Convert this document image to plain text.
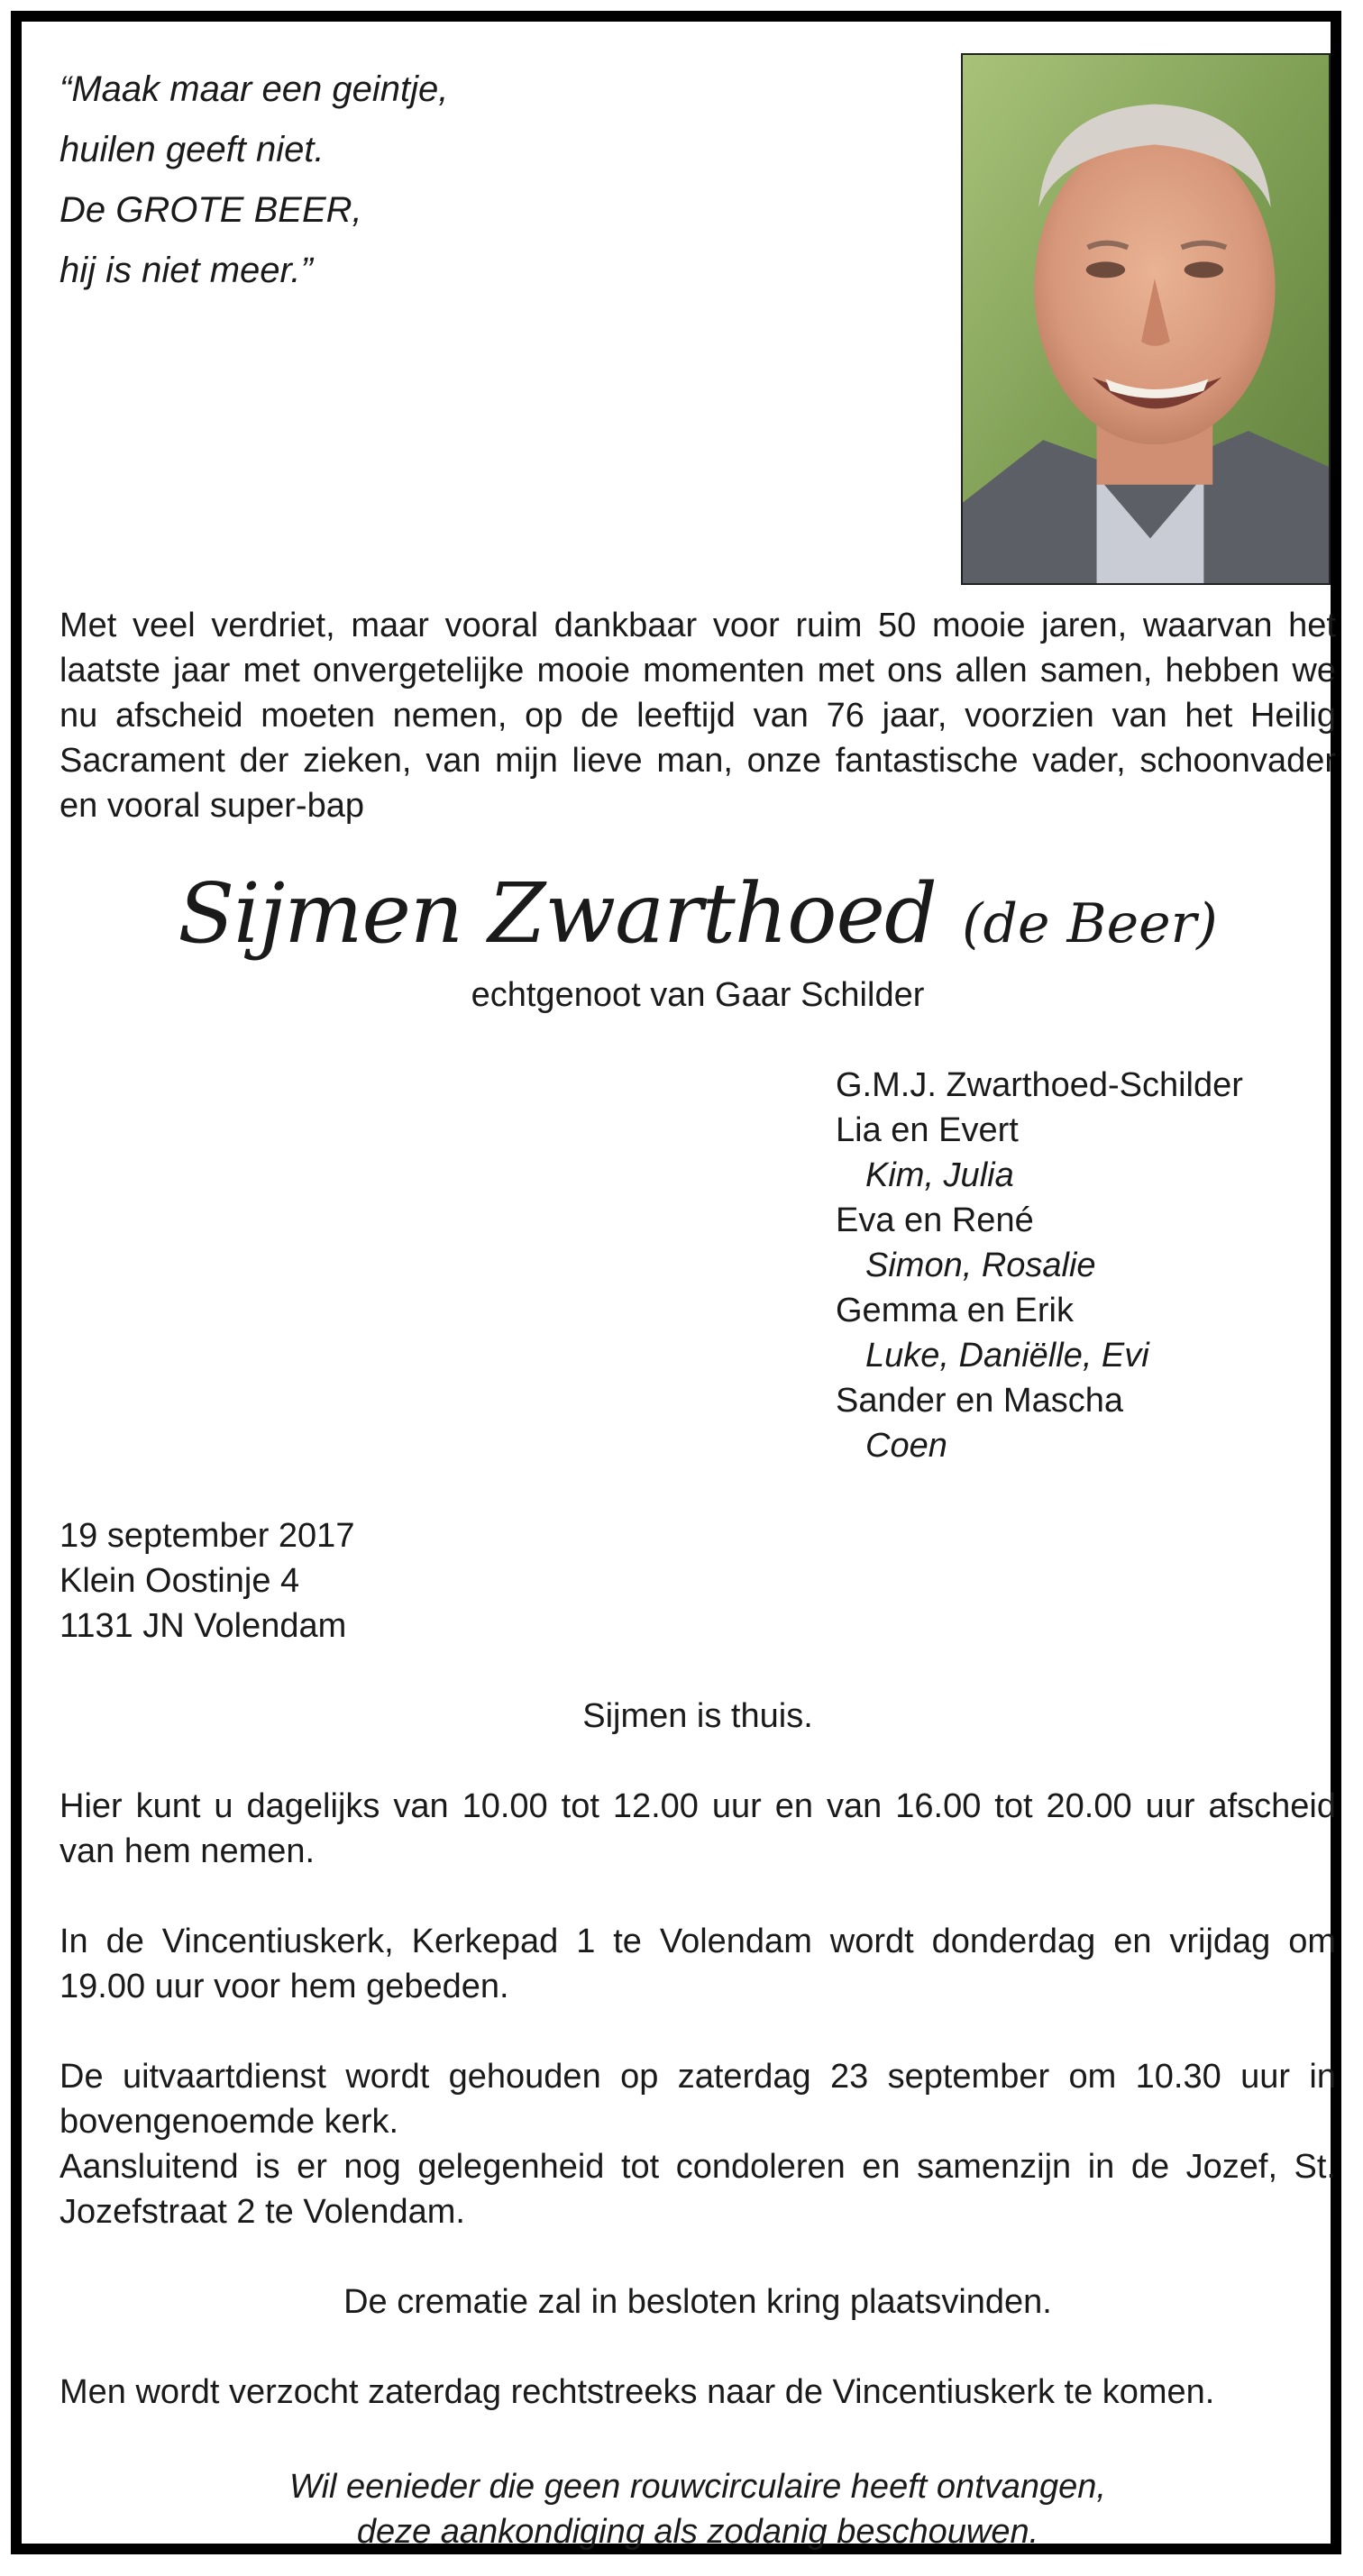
“Maak maar een geintje,
huilen geeft niet.
De GROTE BEER,
hij is niet meer.”
Met veel verdriet, maar vooral dankbaar voor ruim 50 mooie jaren, waarvan het laatste jaar met onvergetelijke mooie momenten met ons allen samen, hebben we nu afscheid moeten nemen, op de leeftijd van 76 jaar, voorzien van het Heilig Sacrament der zieken, van mijn lieve man, onze fantastische vader, schoonvader en vooral super-bap
Sijmen Zwarthoed (de Beer)
echtgenoot van Gaar Schilder
G.M.J. Zwarthoed-Schilder
Lia en Evert
Kim, Julia
Eva en René
Simon, Rosalie
Gemma en Erik
Luke, Daniëlle, Evi
Sander en Mascha
Coen
19 september 2017
Klein Oostinje 4
1131 JN Volendam

Sijmen is thuis.

Hier kunt u dagelijks van 10.00 tot 12.00 uur en van 16.00 tot 20.00 uur afscheid van hem nemen.

In de Vincentiuskerk, Kerkepad 1 te Volendam wordt donderdag en vrijdag om 19.00 uur voor hem gebeden.

De uitvaartdienst wordt gehouden op zaterdag 23 september om 10.30 uur in bovengenoemde kerk.

Aansluitend is er nog gelegenheid tot condoleren en samenzijn in de Jozef, St. Jozefstraat 2 te Volendam.

De crematie zal in besloten kring plaatsvinden.

Men wordt verzocht zaterdag rechtstreeks naar de Vincentiuskerk te komen.

Wil eenieder die geen rouwcirculaire heeft ontvangen,
deze aankondiging als zodanig beschouwen.
